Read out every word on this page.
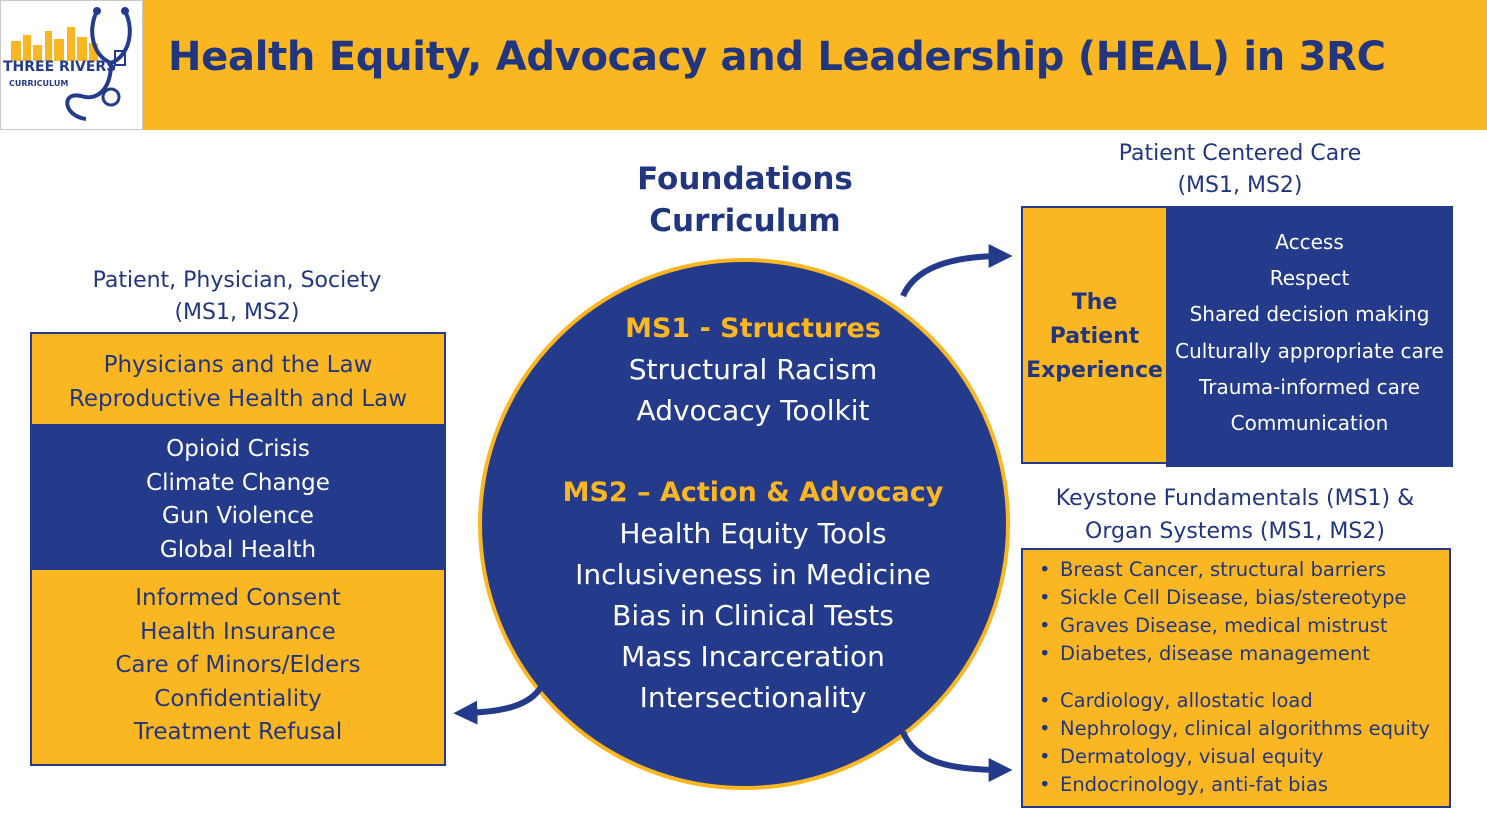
THREE RIVERS
CURRICULUM
Health Equity, Advocacy and Leadership (HEAL) in 3RC
Patient, Physician, Society
(MS1, MS2)
Physicians and the Law
Reproductive Health and Law
Opioid Crisis
Climate Change
Gun Violence
Global Health
Informed Consent
Health Insurance
Care of Minors/Elders
Confidentiality
Treatment Refusal
Foundations
Curriculum
MS1 - Structures
Structural Racism
Advocacy Toolkit
MS2 – Action & Advocacy
Health Equity Tools
Inclusiveness in Medicine
Bias in Clinical Tests
Mass Incarceration
Intersectionality
Patient Centered Care
(MS1, MS2)
The
Patient
Experience
Access
Respect
Shared decision making
Culturally appropriate care
Trauma-informed care
Communication
Keystone Fundamentals (MS1) &
Organ Systems (MS1, MS2)
• Breast Cancer, structural barriers
• Sickle Cell Disease, bias/stereotype
• Graves Disease, medical mistrust
• Diabetes, disease management
• Cardiology, allostatic load
• Nephrology, clinical algorithms equity
• Dermatology, visual equity
• Endocrinology, anti-fat bias
